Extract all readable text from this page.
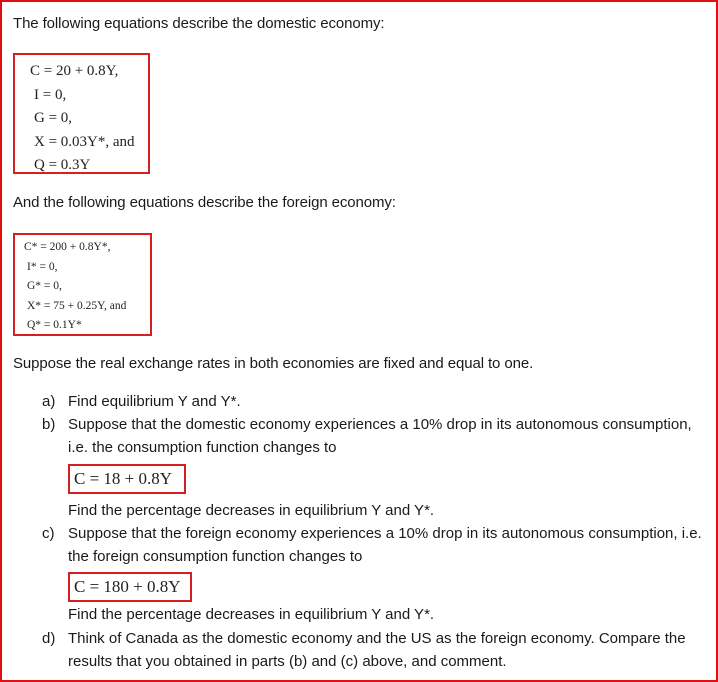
The following equations describe the domestic economy:
C = 20 + 0.8Y,
I = 0,
G = 0,
X = 0.03Y*, and
Q = 0.3Y
And the following equations describe the foreign economy:
C* = 200 + 0.8Y*,
I* = 0,
G* = 0,
X* = 75 + 0.25Y, and
Q* = 0.1Y*
Suppose the real exchange rates in both economies are fixed and equal to one.
a) Find equilibrium Y and Y*.
b) Suppose that the domestic economy experiences a 10% drop in its autonomous consumption,
i.e. the consumption function changes to
C = 18 + 0.8Y
Find the percentage decreases in equilibrium Y and Y*.
c) Suppose that the foreign economy experiences a 10% drop in its autonomous consumption, i.e.
the foreign consumption function changes to
C = 180 + 0.8Y
Find the percentage decreases in equilibrium Y and Y*.
d) Think of Canada as the domestic economy and the US as the foreign economy. Compare the
results that you obtained in parts (b) and (c) above, and comment.
